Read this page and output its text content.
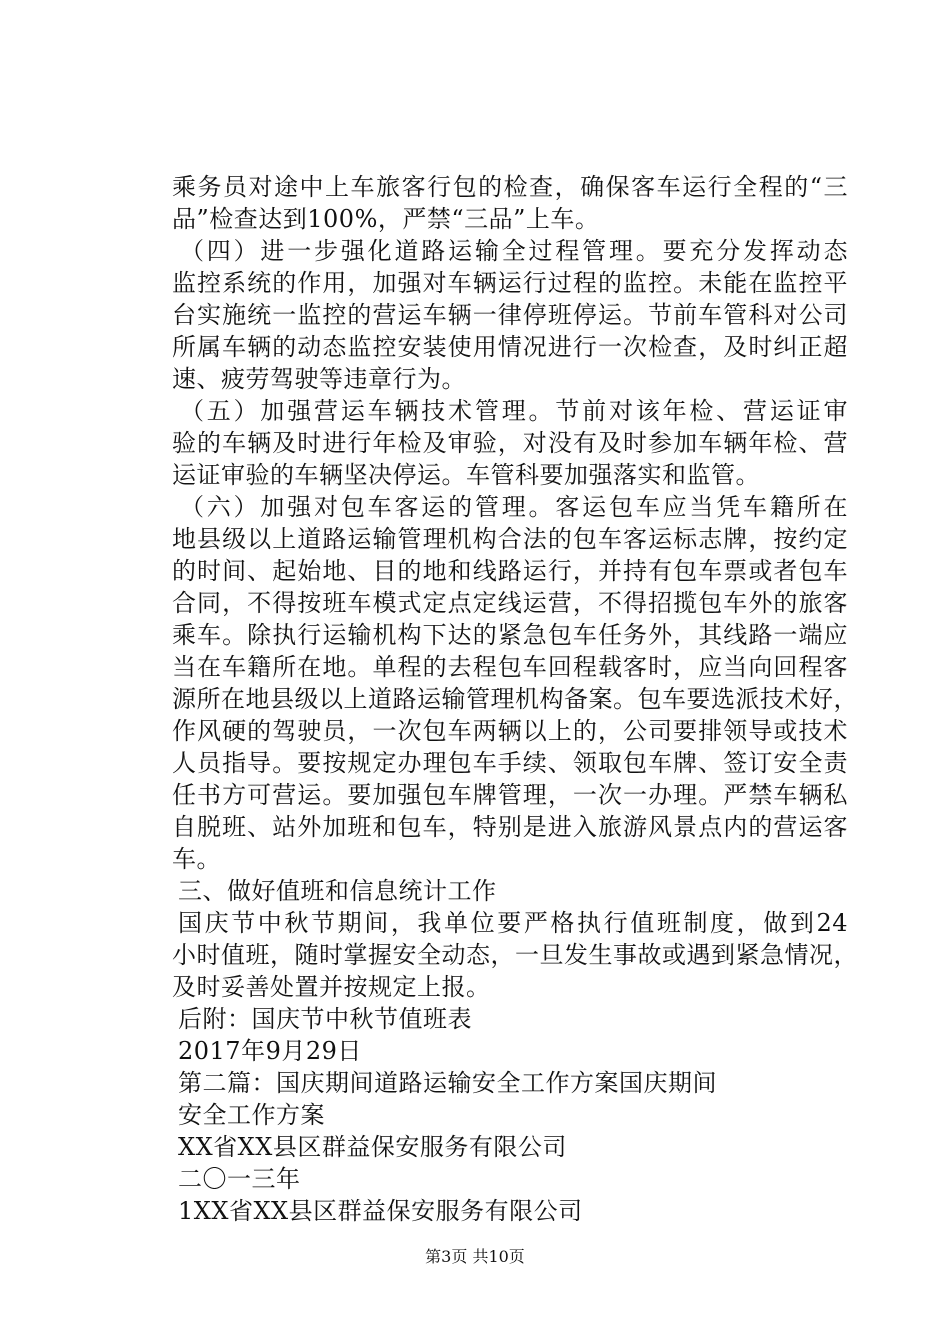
乘务员对途中上车旅客行包的检查，确保客车运行全程的“三
品”检查达到100%，严禁“三品”上车。
（四）进一步强化道路运输全过程管理。要充分发挥动态
监控系统的作用，加强对车辆运行过程的监控。未能在监控平
台实施统一监控的营运车辆一律停班停运。节前车管科对公司
所属车辆的动态监控安装使用情况进行一次检查，及时纠正超
速、疲劳驾驶等违章行为。
（五）加强营运车辆技术管理。节前对该年检、营运证审
验的车辆及时进行年检及审验，对没有及时参加车辆年检、营
运证审验的车辆坚决停运。车管科要加强落实和监管。
（六）加强对包车客运的管理。客运包车应当凭车籍所在
地县级以上道路运输管理机构合法的包车客运标志牌，按约定
的时间、起始地、目的地和线路运行，并持有包车票或者包车
合同，不得按班车模式定点定线运营，不得招揽包车外的旅客
乘车。除执行运输机构下达的紧急包车任务外，其线路一端应
当在车籍所在地。单程的去程包车回程载客时，应当向回程客
源所在地县级以上道路运输管理机构备案。包车要选派技术好，
作风硬的驾驶员，一次包车两辆以上的，公司要排领导或技术
人员指导。要按规定办理包车手续、领取包车牌、签订安全责
任书方可营运。要加强包车牌管理，一次一办理。严禁车辆私
自脱班、站外加班和包车，特别是进入旅游风景点内的营运客
车。
三、做好值班和信息统计工作
国庆节中秋节期间，我单位要严格执行值班制度，做到24
小时值班，随时掌握安全动态，一旦发生事故或遇到紧急情况，
及时妥善处置并按规定上报。
后附：国庆节中秋节值班表
2017年9月29日
第二篇：国庆期间道路运输安全工作方案国庆期间
安全工作方案
XX省XX县区群益保安服务有限公司
二〇一三年
1XX省XX县区群益保安服务有限公司
第3页 共10页
